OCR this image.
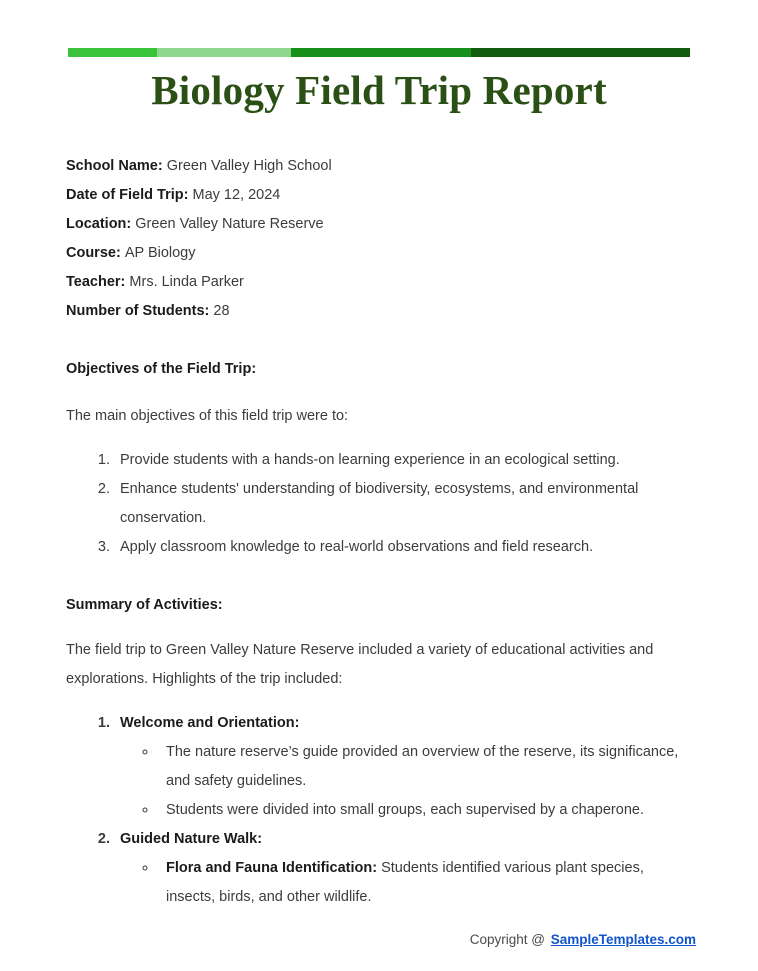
Biology Field Trip Report
School Name: Green Valley High School
Date of Field Trip: May 12, 2024
Location: Green Valley Nature Reserve
Course: AP Biology
Teacher: Mrs. Linda Parker
Number of Students: 28
Objectives of the Field Trip:
The main objectives of this field trip were to:
1. Provide students with a hands-on learning experience in an ecological setting.
2. Enhance students' understanding of biodiversity, ecosystems, and environmental conservation.
3. Apply classroom knowledge to real-world observations and field research.
Summary of Activities:
The field trip to Green Valley Nature Reserve included a variety of educational activities and explorations. Highlights of the trip included:
1. Welcome and Orientation:
◦ The nature reserve’s guide provided an overview of the reserve, its significance, and safety guidelines.
◦ Students were divided into small groups, each supervised by a chaperone.
2. Guided Nature Walk:
◦ Flora and Fauna Identification: Students identified various plant species, insects, birds, and other wildlife.
Copyright @ SampleTemplates.com
